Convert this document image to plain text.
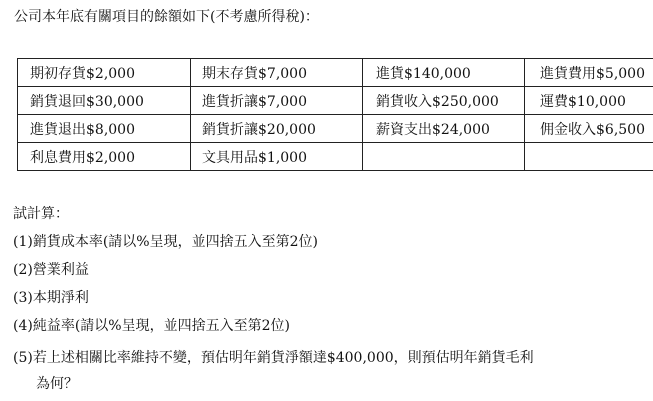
公司本年底有關項目的餘額如下(不考慮所得稅)：
期初存貨$2,000	期末存貨$7,000	進貨$140,000	進貨費用$5,000
銷貨退回$30,000	進貨折讓$7,000	銷貨收入$250,000	運費$10,000
進貨退出$8,000	銷貨折讓$20,000	薪資支出$24,000	佣金收入$6,500
利息費用$2,000	文具用品$1,000		
試計算：
(1)銷貨成本率(請以%呈現，並四捨五入至第2位)
(2)營業利益
(3)本期淨利
(4)純益率(請以%呈現，並四捨五入至第2位)
(5)若上述相關比率維持不變，預估明年銷貨淨額達$400,000，則預估明年銷貨毛利
為何？
